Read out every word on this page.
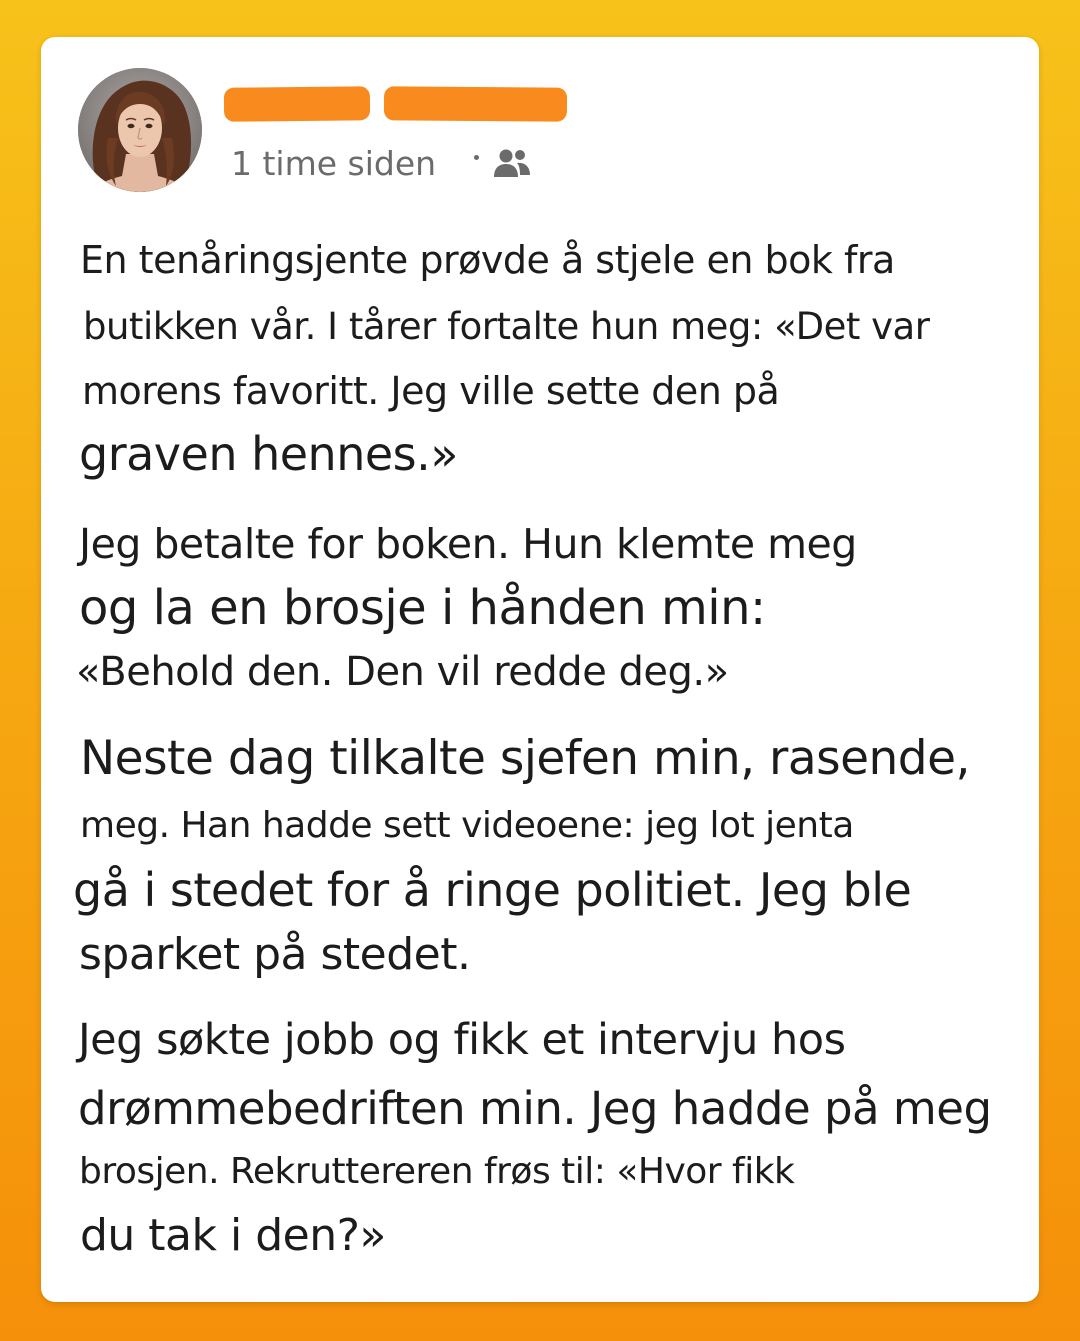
1 time siden
En tenåringsjente prøvde å stjele en bok fra
butikken vår. I tårer fortalte hun meg: «Det var
morens favoritt. Jeg ville sette den på
graven hennes.»
Jeg betalte for boken. Hun klemte meg
og la en brosje i hånden min:
«Behold den. Den vil redde deg.»
Neste dag tilkalte sjefen min, rasende,
meg. Han hadde sett videoene: jeg lot jenta
gå i stedet for å ringe politiet. Jeg ble
sparket på stedet.
Jeg søkte jobb og fikk et intervju hos
drømmebedriften min. Jeg hadde på meg
brosjen. Rekruttereren frøs til: «Hvor fikk
du tak i den?»
